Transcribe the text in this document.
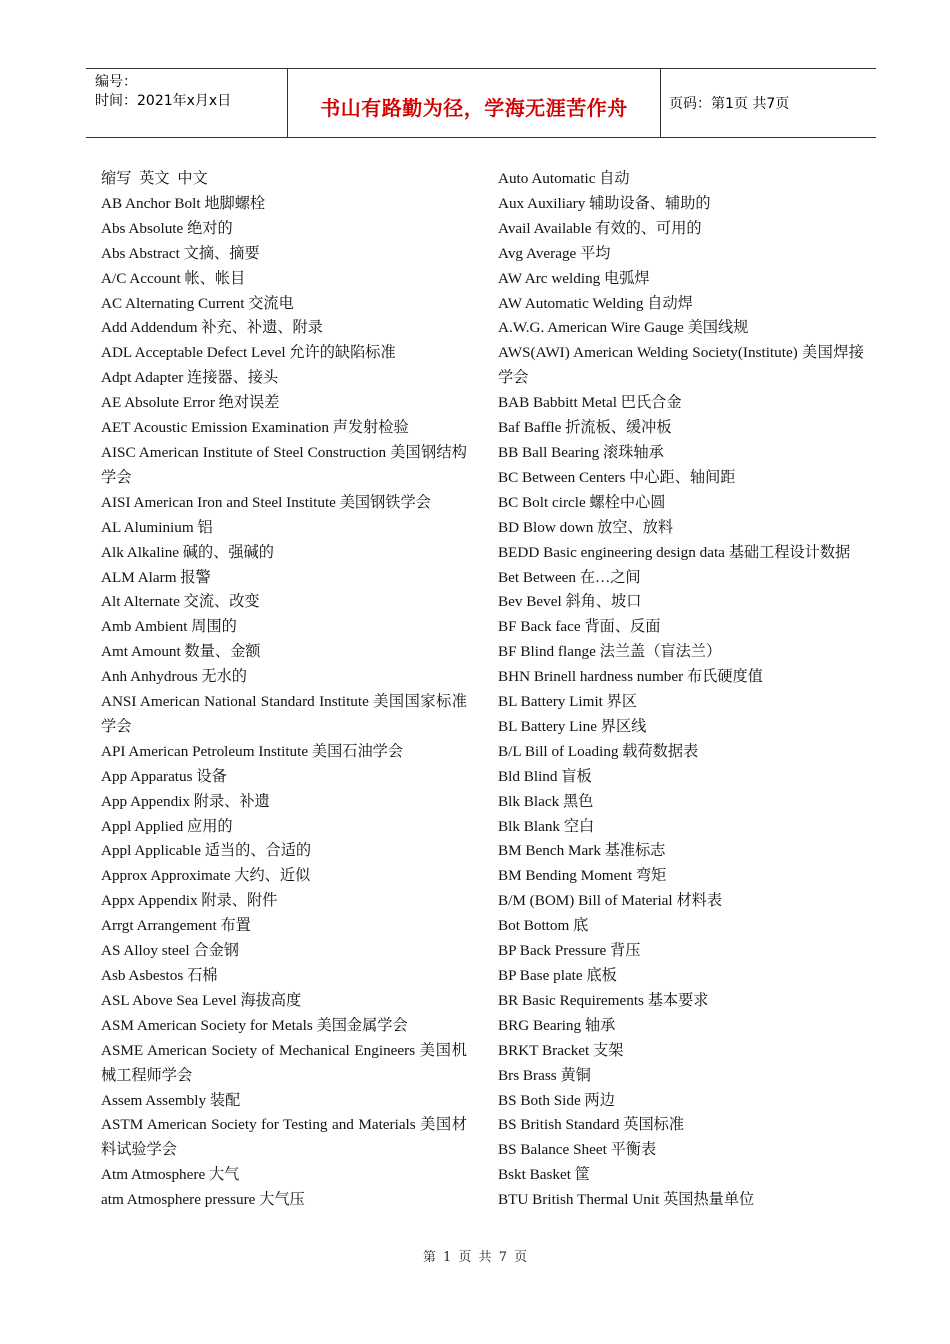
编号：
时间：2021年x月x日	书山有路勤为径，学海无涯苦作舟	页码：第1页 共7页
缩写 英文 中文
AB Anchor Bolt 地脚螺栓
Abs Absolute 绝对的
Abs Abstract 文摘、摘要
A/C Account 帐、帐目
AC Alternating Current 交流电
Add Addendum 补充、补遗、附录
ADL Acceptable Defect Level 允许的缺陷标准
Adpt Adapter 连接器、接头
AE Absolute Error 绝对误差
AET Acoustic Emission Examination 声发射检验
AISC American Institute of Steel Construction 美国钢结构学会
AISI American Iron and Steel Institute 美国钢铁学会
AL Aluminium 铝
Alk Alkaline 碱的、强碱的
ALM Alarm 报警
Alt Alternate 交流、改变
Amb Ambient 周围的
Amt Amount 数量、金额
Anh Anhydrous 无水的
ANSI American National Standard Institute 美国国家标准学会
API American Petroleum Institute 美国石油学会
App Apparatus 设备
App Appendix 附录、补遗
Appl Applied 应用的
Appl Applicable 适当的、合适的
Approx Approximate 大约、近似
Appx Appendix 附录、附件
Arrgt Arrangement 布置
AS Alloy steel 合金钢
Asb Asbestos 石棉
ASL Above Sea Level 海拔高度
ASM American Society for Metals 美国金属学会
ASME American Society of Mechanical Engineers 美国机械工程师学会
Assem Assembly 装配
ASTM American Society for Testing and Materials 美国材料试验学会
Atm Atmosphere 大气
atm Atmosphere pressure 大气压
Auto Automatic 自动
Aux Auxiliary 辅助设备、辅助的
Avail Available 有效的、可用的
Avg Average 平均
AW Arc welding 电弧焊
AW Automatic Welding 自动焊
A.W.G. American Wire Gauge 美国线规
AWS(AWI) American Welding Society(Institute) 美国焊接学会
BAB Babbitt Metal 巴氏合金
Baf Baffle 折流板、缓冲板
BB Ball Bearing 滚珠轴承
BC Between Centers 中心距、轴间距
BC Bolt circle 螺栓中心圆
BD Blow down 放空、放料
BEDD Basic engineering design data 基础工程设计数据
Bet Between 在…之间
Bev Bevel 斜角、坡口
BF Back face 背面、反面
BF Blind flange 法兰盖（盲法兰）
BHN Brinell hardness number 布氏硬度值
BL Battery Limit 界区
BL Battery Line 界区线
B/L Bill of Loading 载荷数据表
Bld Blind 盲板
Blk Black 黑色
Blk Blank 空白
BM Bench Mark 基准标志
BM Bending Moment 弯矩
B/M (BOM) Bill of Material 材料表
Bot Bottom 底
BP Back Pressure 背压
BP Base plate 底板
BR Basic Requirements 基本要求
BRG Bearing 轴承
BRKT Bracket 支架
Brs Brass 黄铜
BS Both Side 两边
BS British Standard 英国标准
BS Balance Sheet 平衡表
Bskt Basket 筐
BTU British Thermal Unit 英国热量单位
第 1 页 共 7 页
